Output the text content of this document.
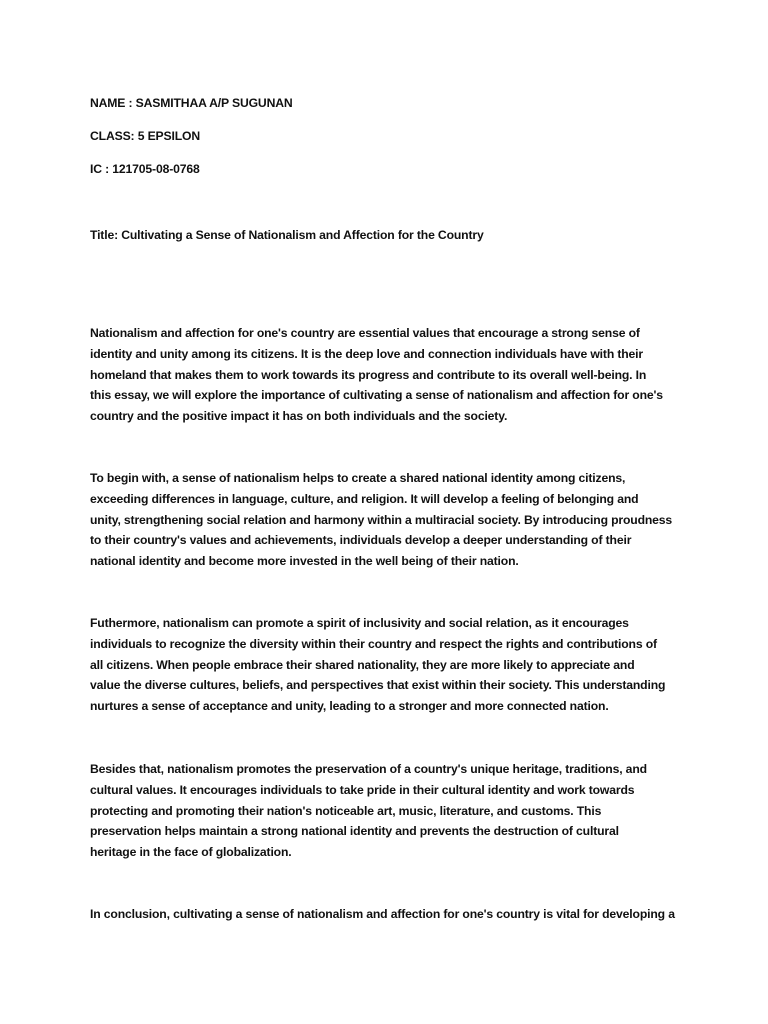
NAME : SASMITHAA A/P SUGUNAN
CLASS: 5 EPSILON
IC : 121705-08-0768
Title: Cultivating a Sense of Nationalism and Affection for the Country
Nationalism and affection for one's country are essential values that encourage a strong sense of
identity and unity among its citizens. It is the deep love and connection individuals have with their
homeland that makes them to work towards its progress and contribute to its overall well-being. In
this essay, we will explore the importance of cultivating a sense of nationalism and affection for one's
country and the positive impact it has on both individuals and the society.
To begin with, a sense of nationalism helps to create a shared national identity among citizens,
exceeding differences in language, culture, and religion. It will develop a feeling of belonging and
unity, strengthening social relation and harmony within a multiracial society. By introducing proudness
to their country's values and achievements, individuals develop a deeper understanding of their
national identity and become more invested in the well being of their nation.
Futhermore, nationalism can promote a spirit of inclusivity and social relation, as it encourages
individuals to recognize the diversity within their country and respect the rights and contributions of
all citizens. When people embrace their shared nationality, they are more likely to appreciate and
value the diverse cultures, beliefs, and perspectives that exist within their society. This understanding
nurtures a sense of acceptance and unity, leading to a stronger and more connected nation.
Besides that, nationalism promotes the preservation of a country's unique heritage, traditions, and
cultural values. It encourages individuals to take pride in their cultural identity and work towards
protecting and promoting their nation's noticeable art, music, literature, and customs. This
preservation helps maintain a strong national identity and prevents the destruction of cultural
heritage in the face of globalization.
In conclusion, cultivating a sense of nationalism and affection for one's country is vital for developing a
